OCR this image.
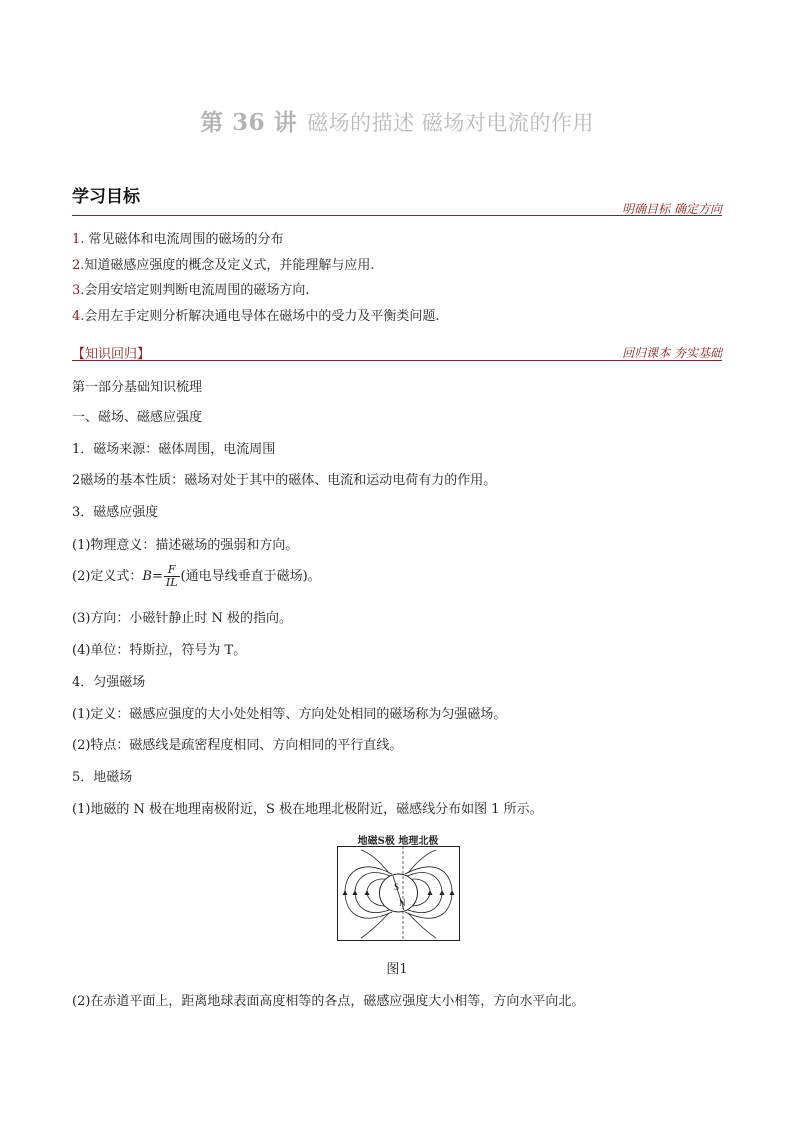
第 36 讲 磁场的描述 磁场对电流的作用
学习目标
明确目标 确定方向
1. 常见磁体和电流周围的磁场的分布
2.知道磁感应强度的概念及定义式，并能理解与应用.
3.会用安培定则判断电流周围的磁场方向.
4.会用左手定则分析解决通电导体在磁场中的受力及平衡类问题.
【知识回归】	回归课本 夯实基础
第一部分基础知识梳理
一、磁场、磁感应强度
1．磁场来源：磁体周围，电流周围
2磁场的基本性质：磁场对处于其中的磁体、电流和运动电荷有力的作用。
3．磁感应强度
(1)物理意义：描述磁场的强弱和方向。
(2)定义式：$B= \frac{F}{IL}$ (通电导线垂直于磁场)。
(3)方向：小磁针静止时 N 极的指向。
(4)单位：特斯拉，符号为 T。
4．匀强磁场
(1)定义：磁感应强度的大小处处相等、方向处处相同的磁场称为匀强磁场。
(2)特点：磁感线是疏密程度相同、方向相同的平行直线。
5．地磁场
(1)地磁的 N 极在地理南极附近，S 极在地理北极附近，磁感线分布如图 1 所示。
地磁S极 地理北极
S
N
图1
(2)在赤道平面上，距离地球表面高度相等的各点，磁感应强度大小相等，方向水平向北。
